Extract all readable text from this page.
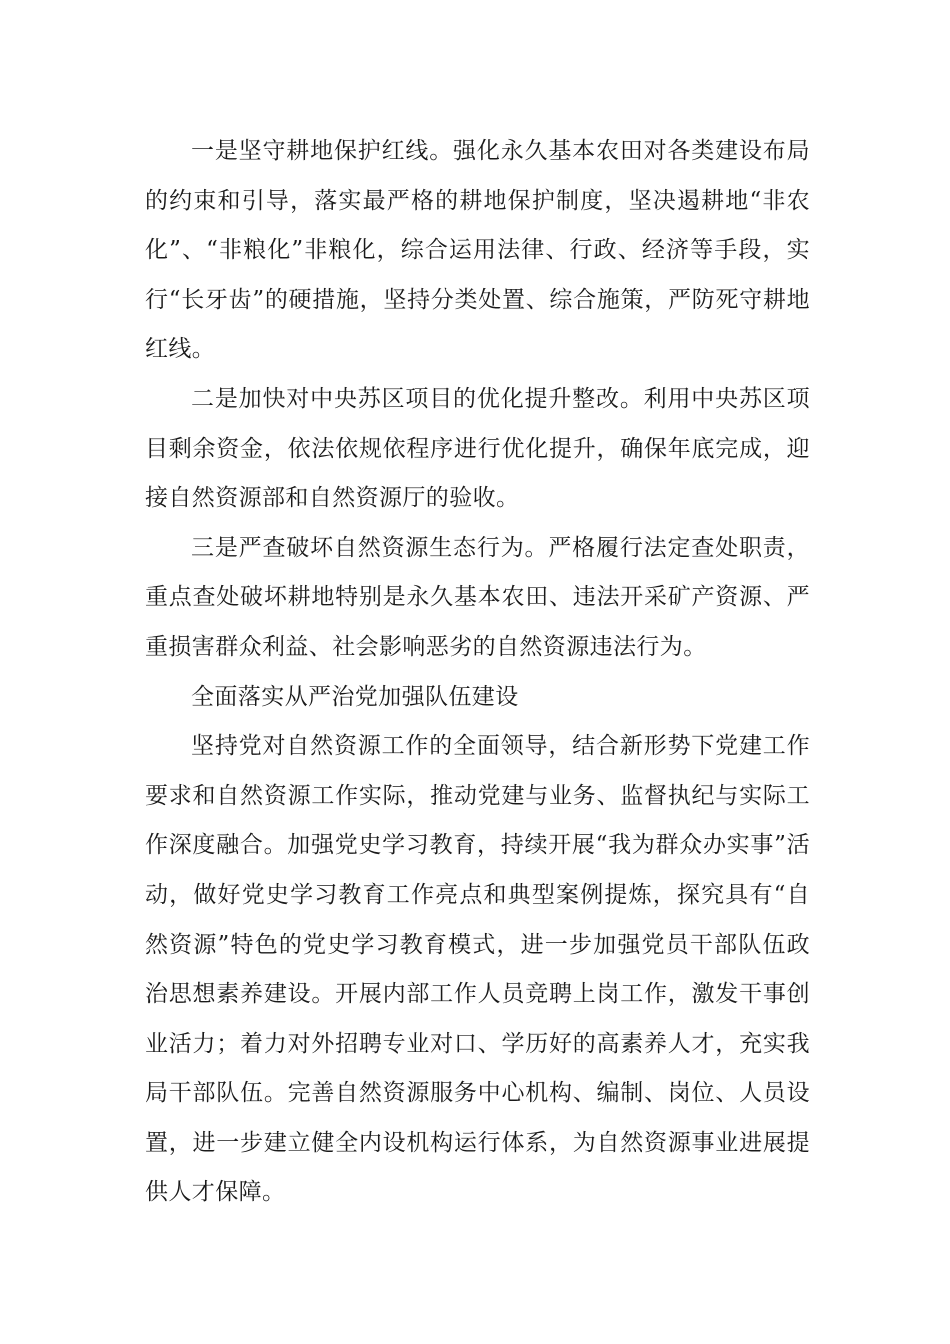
一是坚守耕地保护红线。强化永久基本农田对各类建设布局的约束和引导，落实最严格的耕地保护制度，坚决遏耕地“非农化”、“非粮化”非粮化，综合运用法律、行政、经济等手段，实行“长牙齿”的硬措施，坚持分类处置、综合施策，严防死守耕地红线。

二是加快对中央苏区项目的优化提升整改。利用中央苏区项目剩余资金，依法依规依程序进行优化提升，确保年底完成，迎接自然资源部和自然资源厅的验收。

三是严查破坏自然资源生态行为。严格履行法定查处职责，重点查处破坏耕地特别是永久基本农田、违法开采矿产资源、严重损害群众利益、社会影响恶劣的自然资源违法行为。

全面落实从严治党加强队伍建设

坚持党对自然资源工作的全面领导，结合新形势下党建工作要求和自然资源工作实际，推动党建与业务、监督执纪与实际工作深度融合。加强党史学习教育，持续开展“我为群众办实事”活动，做好党史学习教育工作亮点和典型案例提炼，探究具有“自然资源”特色的党史学习教育模式，进一步加强党员干部队伍政治思想素养建设。开展内部工作人员竞聘上岗工作，激发干事创业活力；着力对外招聘专业对口、学历好的高素养人才，充实我局干部队伍。完善自然资源服务中心机构、编制、岗位、人员设置，进一步建立健全内设机构运行体系，为自然资源事业进展提供人才保障。
